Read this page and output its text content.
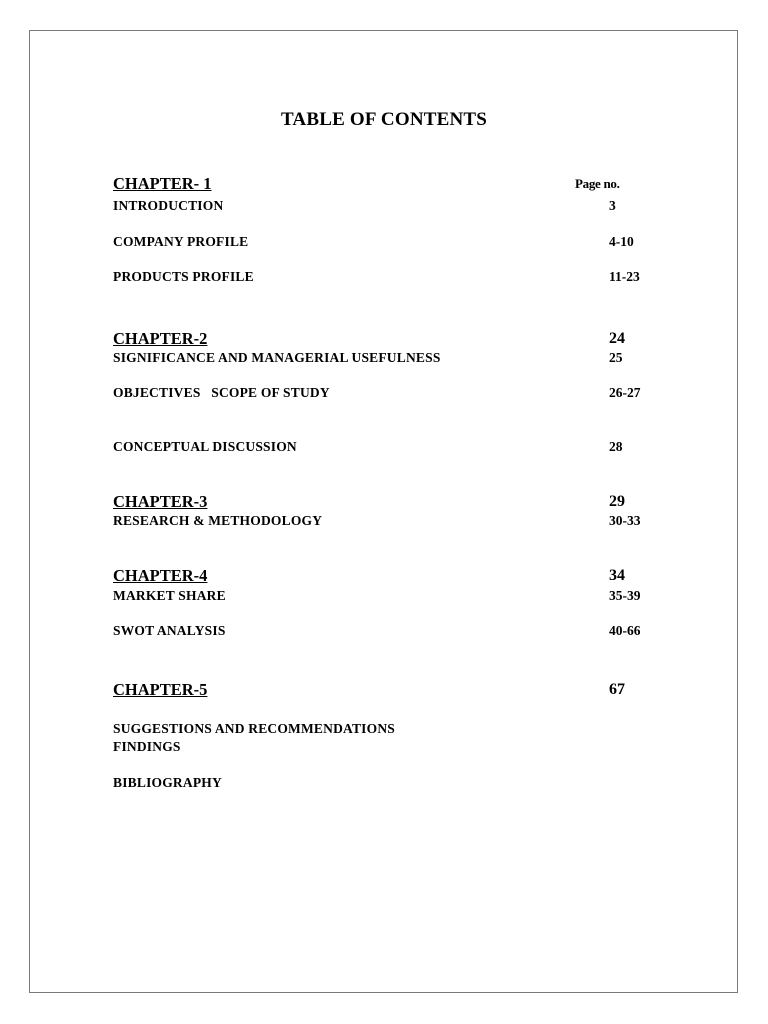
TABLE OF CONTENTS
CHAPTER- 1	Page no.
INTRODUCTION	3
COMPANY PROFILE	4-10
PRODUCTS PROFILE	11-23
CHAPTER-2	24
SIGNIFICANCE AND MANAGERIAL USEFULNESS	25
OBJECTIVES   SCOPE OF STUDY	26-27
CONCEPTUAL DISCUSSION	28
CHAPTER-3	29
RESEARCH & METHODOLOGY	30-33
CHAPTER-4	34
MARKET SHARE	35-39
SWOT ANALYSIS	40-66
CHAPTER-5	67
SUGGESTIONS AND RECOMMENDATIONS
FINDINGS
BIBLIOGRAPHY
